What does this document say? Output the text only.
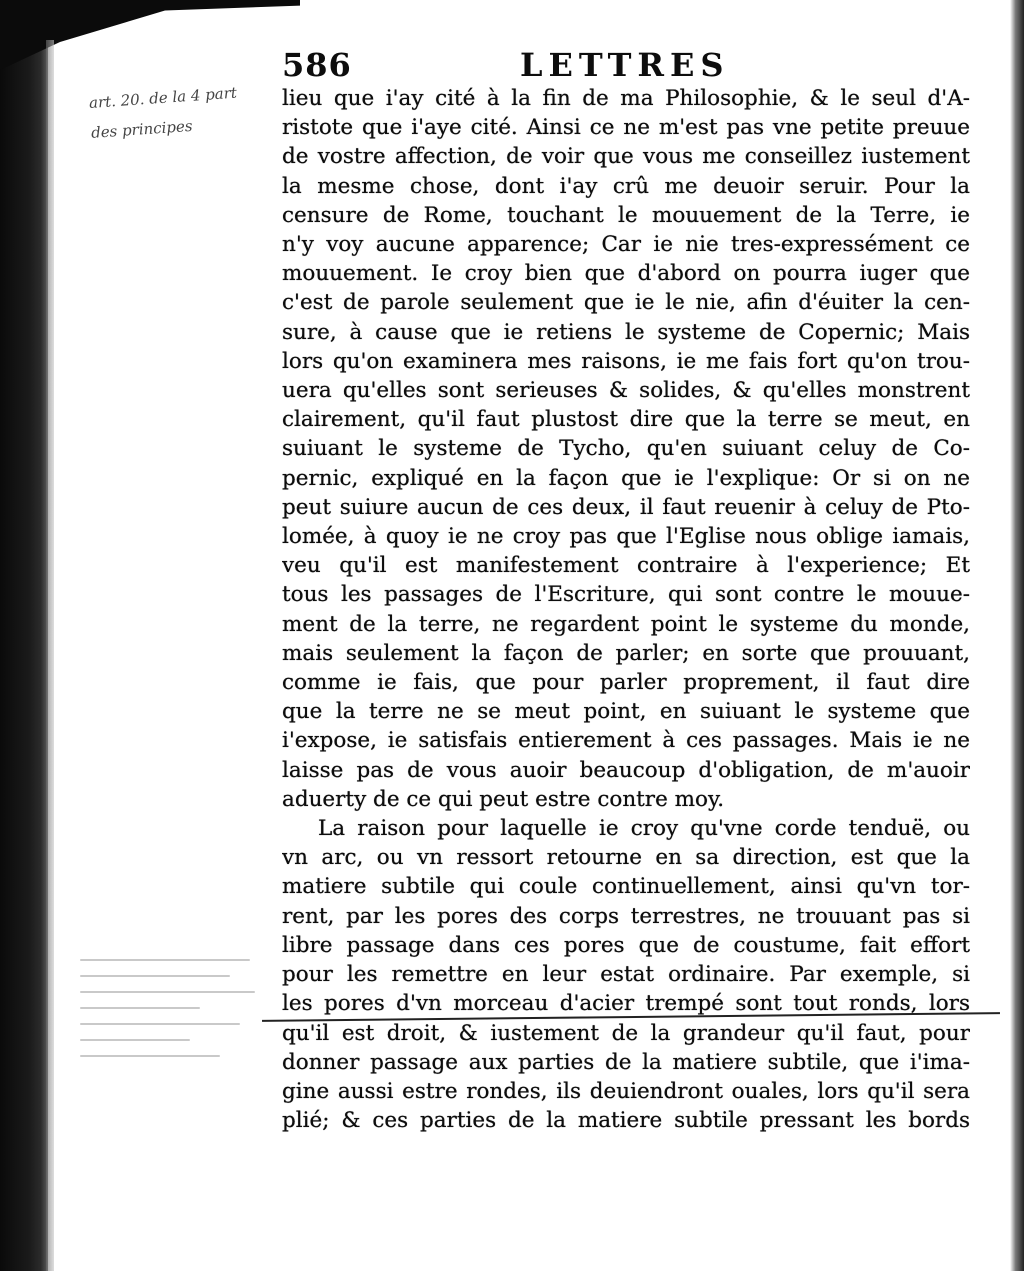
586	LETTRES
art. 20. de la 4 part
des principes
lieu que i'ay cité à la fin de ma Philosophie, & le seul d'A-
ristote que i'aye cité. Ainsi ce ne m'est pas vne petite preuue
de vostre affection, de voir que vous me conseillez iustement
la mesme chose, dont i'ay crû me deuoir seruir. Pour la
censure de Rome, touchant le mouuement de la Terre, ie
n'y voy aucune apparence; Car ie nie tres-expressément ce
mouuement. Ie croy bien que d'abord on pourra iuger que
c'est de parole seulement que ie le nie, afin d'éuiter la cen-
sure, à cause que ie retiens le systeme de Copernic; Mais
lors qu'on examinera mes raisons, ie me fais fort qu'on trou-
uera qu'elles sont serieuses & solides, & qu'elles monstrent
clairement, qu'il faut plustost dire que la terre se meut, en
suiuant le systeme de Tycho, qu'en suiuant celuy de Co-
pernic, expliqué en la façon que ie l'explique: Or si on ne
peut suiure aucun de ces deux, il faut reuenir à celuy de Pto-
lomée, à quoy ie ne croy pas que l'Eglise nous oblige iamais,
veu qu'il est manifestement contraire à l'experience; Et
tous les passages de l'Escriture, qui sont contre le mouue-
ment de la terre, ne regardent point le systeme du monde,
mais seulement la façon de parler; en sorte que prouuant,
comme ie fais, que pour parler proprement, il faut dire
que la terre ne se meut point, en suiuant le systeme que
i'expose, ie satisfais entierement à ces passages. Mais ie ne
laisse pas de vous auoir beaucoup d'obligation, de m'auoir
aduerty de ce qui peut estre contre moy.
La raison pour laquelle ie croy qu'vne corde tenduë, ou
vn arc, ou vn ressort retourne en sa direction, est que la
matiere subtile qui coule continuellement, ainsi qu'vn tor-
rent, par les pores des corps terrestres, ne trouuant pas si
libre passage dans ces pores que de coustume, fait effort
pour les remettre en leur estat ordinaire. Par exemple, si
les pores d'vn morceau d'acier trempé sont tout ronds, lors
qu'il est droit, & iustement de la grandeur qu'il faut, pour
donner passage aux parties de la matiere subtile, que i'ima-
gine aussi estre rondes, ils deuiendront ouales, lors qu'il sera
plié; & ces parties de la matiere subtile pressant les bords
